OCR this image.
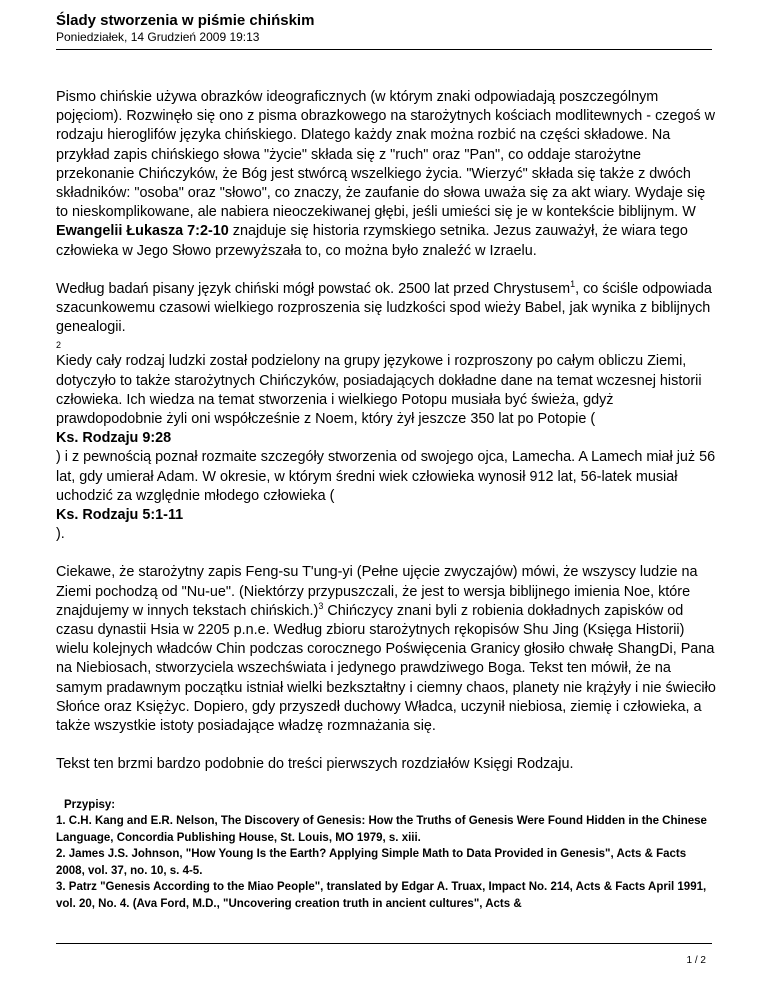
Ślady stworzenia w piśmie chińskim
Poniedziałek, 14 Grudzień 2009 19:13

Pismo chińskie używa obrazków ideograficznych (w którym znaki odpowiadają poszczególnym pojęciom). Rozwinęło się ono z pisma obrazkowego na starożytnych kościach modlitewnych - czegoś w rodzaju hieroglifów języka chińskiego. Dlatego każdy znak można rozbić na części składowe. Na przykład zapis chińskiego słowa "życie" składa się z "ruch" oraz "Pan", co oddaje starożytne przekonanie Chińczyków, że Bóg jest stwórcą wszelkiego życia. "Wierzyć" składa się także z dwóch składników: "osoba" oraz "słowo", co znaczy, że zaufanie do słowa uważa się za akt wiary. Wydaje się to nieskomplikowane, ale nabiera nieoczekiwanej głębi, jeśli umieści się je w kontekście biblijnym. W Ewangelii Łukasza 7:2-10 znajduje się historia rzymskiego setnika. Jezus zauważył, że wiara tego człowieka w Jego Słowo przewyższała to, co można było znaleźć w Izraelu.

Według badań pisany język chiński mógł powstać ok. 2500 lat przed Chrystusem$^1$, co ściśle odpowiada szacunkowemu czasowi wielkiego rozproszenia się ludzkości spod wieży Babel, jak wynika z biblijnych genealogii.

2

Kiedy cały rodzaj ludzki został podzielony na grupy językowe i rozproszony po całym obliczu Ziemi, dotyczyło to także starożytnych Chińczyków, posiadających dokładne dane na temat wczesnej historii człowieka. Ich wiedza na temat stworzenia i wielkiego Potopu musiała być świeża, gdyż prawdopodobnie żyli oni współcześnie z Noem, który żył jeszcze 350 lat po Potopie (
Ks. Rodzaju 9:28
) i z pewnością poznał rozmaite szczegóły stworzenia od swojego ojca, Lamecha. A Lamech miał już 56 lat, gdy umierał Adam. W okresie, w którym średni wiek człowieka wynosił 912 lat, 56-latek musiał uchodzić za względnie młodego człowieka (
Ks. Rodzaju 5:1-11
).

Ciekawe, że starożytny zapis Feng-su T'ung-yi (Pełne ujęcie zwyczajów) mówi, że wszyscy ludzie na Ziemi pochodzą od "Nu-ue". (Niektórzy przypuszczali, że jest to wersja biblijnego imienia Noe, które znajdujemy w innych tekstach chińskich.)$^3$ Chińczycy znani byli z robienia dokładnych zapisków od czasu dynastii Hsia w 2205 p.n.e. Według zbioru starożytnych rękopisów Shu Jing (Księga Historii) wielu kolejnych władców Chin podczas corocznego Poświęcenia Granicy głosiło chwałę ShangDi, Pana na Niebiosach, stworzyciela wszechświata i jedynego prawdziwego Boga. Tekst ten mówił, że na samym pradawnym początku istniał wielki bezkształtny i ciemny chaos, planety nie krążyły i nie świeciło Słońce oraz Księżyc. Dopiero, gdy przyszedł duchowy Władca, uczynił niebiosa, ziemię i człowieka, a także wszystkie istoty posiadające władzę rozmnażania się.

Tekst ten brzmi bardzo podobnie do treści pierwszych rozdziałów Księgi Rodzaju.

Przypisy:
1. C.H. Kang and E.R. Nelson, The Discovery of Genesis: How the Truths of Genesis Were Found Hidden in the Chinese Language, Concordia Publishing House, St. Louis, MO 1979, s. xiii.
2. James J.S. Johnson, "How Young Is the Earth? Applying Simple Math to Data Provided in Genesis", Acts & Facts 2008, vol. 37, no. 10, s. 4-5.
3. Patrz "Genesis According to the Miao People", translated by Edgar A. Truax, Impact No. 214, Acts & Facts April 1991, vol. 20, No. 4. (Ava Ford, M.D., "Uncovering creation truth in ancient cultures", Acts &
1 / 2
